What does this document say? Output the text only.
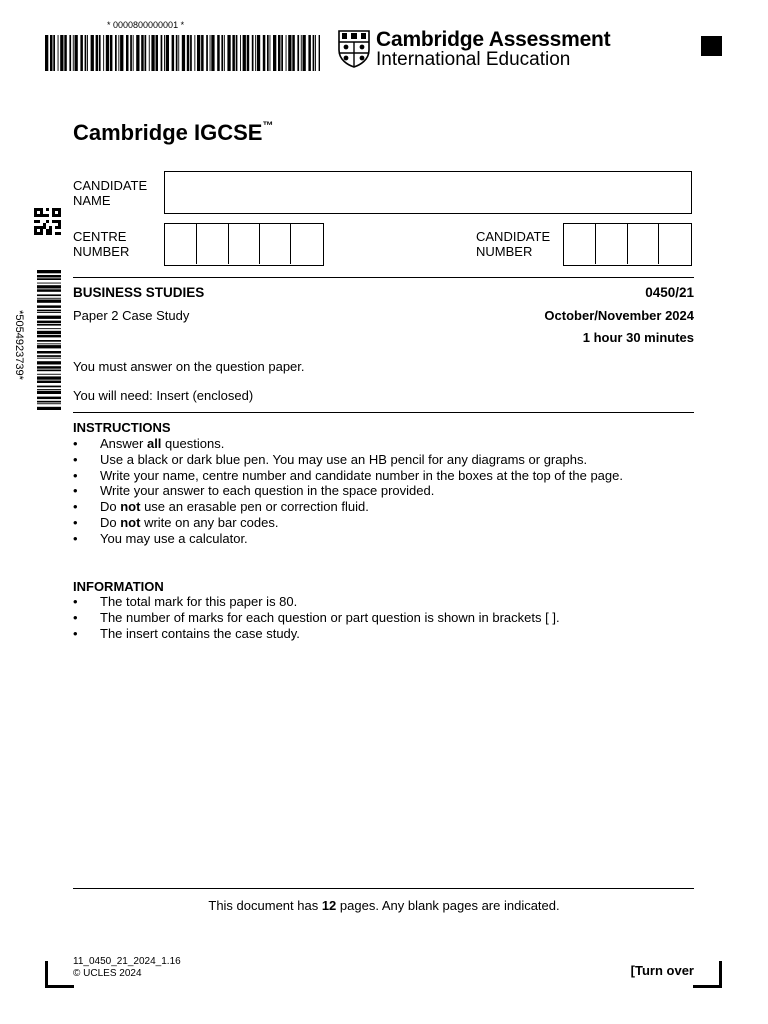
* 0000800000001 *
Cambridge Assessment
International Education
Cambridge IGCSE™
CANDIDATE
NAME
CENTRE
NUMBER
CANDIDATE
NUMBER
*5054923739*
BUSINESS STUDIES	0450/21
Paper 2 Case Study	October/November 2024
1 hour 30 minutes
You must answer on the question paper.
You will need: Insert (enclosed)
INSTRUCTIONS
• Answer all questions.
• Use a black or dark blue pen. You may use an HB pencil for any diagrams or graphs.
• Write your name, centre number and candidate number in the boxes at the top of the page.
• Write your answer to each question in the space provided.
• Do not use an erasable pen or correction fluid.
• Do not write on any bar codes.
• You may use a calculator.
INFORMATION
• The total mark for this paper is 80.
• The number of marks for each question or part question is shown in brackets [ ].
• The insert contains the case study.
This document has 12 pages. Any blank pages are indicated.
11_0450_21_2024_1.16
© UCLES 2024	[Turn over
